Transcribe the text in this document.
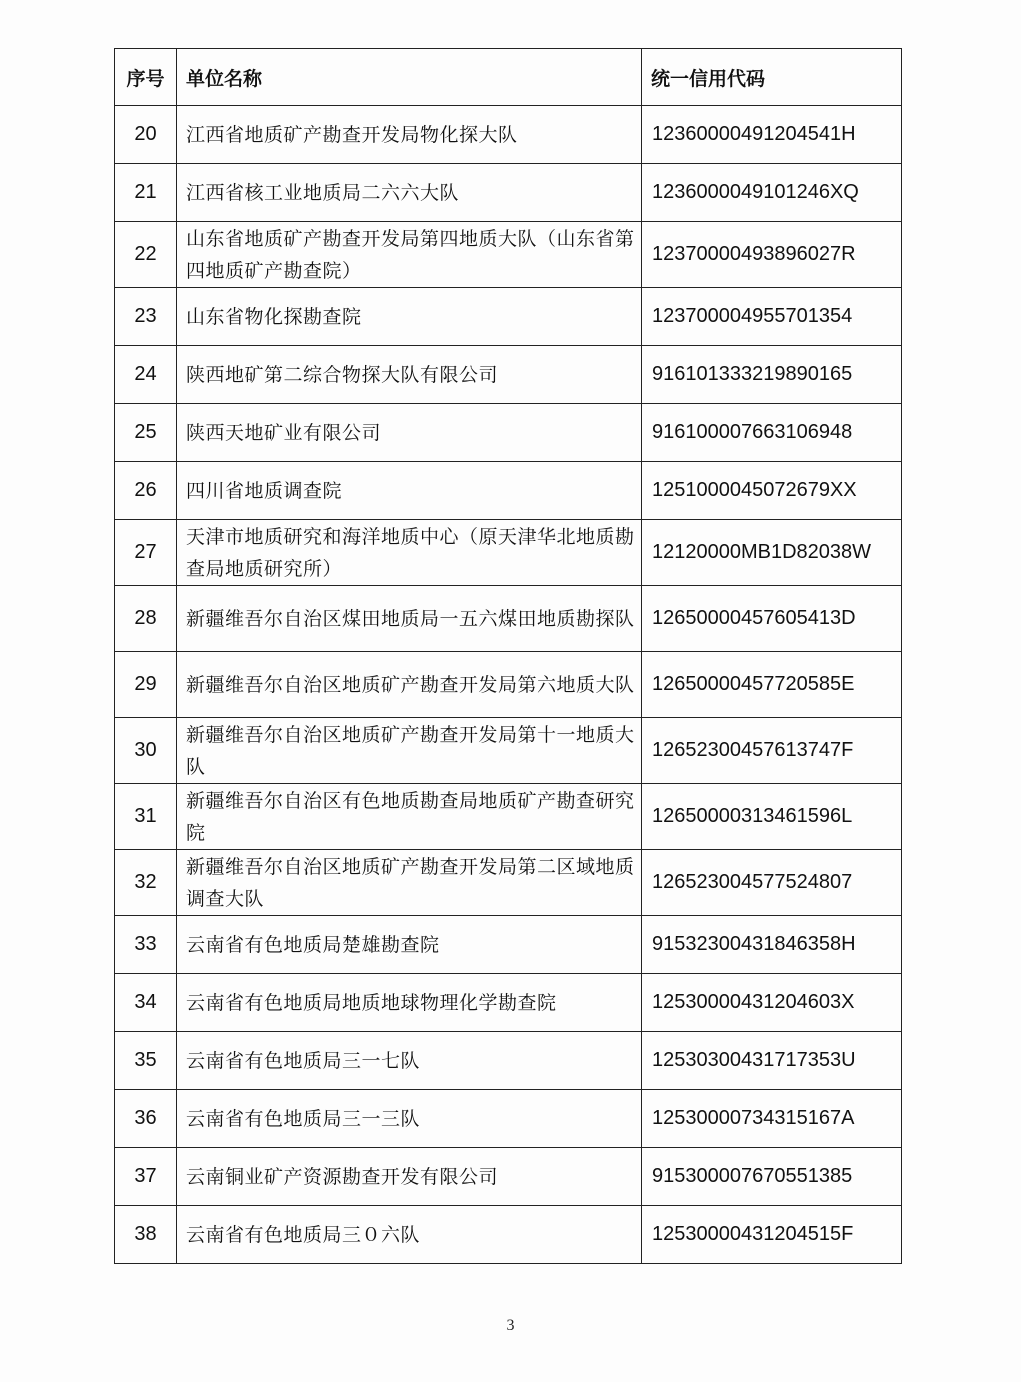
序号	单位名称	统一信用代码
20	江西省地质矿产勘查开发局物化探大队	12360000491204541H
21	江西省核工业地质局二六六大队	1236000049101246XQ
22	山东省地质矿产勘查开发局第四地质大队（山东省第四地质矿产勘查院）	12370000493896027R
23	山东省物化探勘查院	123700004955701354
24	陕西地矿第二综合物探大队有限公司	916101333219890165
25	陕西天地矿业有限公司	916100007663106948
26	四川省地质调查院	1251000045072679XX
27	天津市地质研究和海洋地质中心（原天津华北地质勘查局地质研究所）	12120000MB1D82038W
28	新疆维吾尔自治区煤田地质局一五六煤田地质勘探队	12650000457605413D
29	新疆维吾尔自治区地质矿产勘查开发局第六地质大队	12650000457720585E
30	新疆维吾尔自治区地质矿产勘查开发局第十一地质大队	12652300457613747F
31	新疆维吾尔自治区有色地质勘查局地质矿产勘查研究院	12650000313461596L
32	新疆维吾尔自治区地质矿产勘查开发局第二区域地质调查大队	126523004577524807
33	云南省有色地质局楚雄勘查院	91532300431846358H
34	云南省有色地质局地质地球物理化学勘查院	12530000431204603X
35	云南省有色地质局三一七队	12530300431717353U
36	云南省有色地质局三一三队	12530000734315167A
37	云南铜业矿产资源勘查开发有限公司	915300007670551385
38	云南省有色地质局三０六队	12530000431204515F
3
